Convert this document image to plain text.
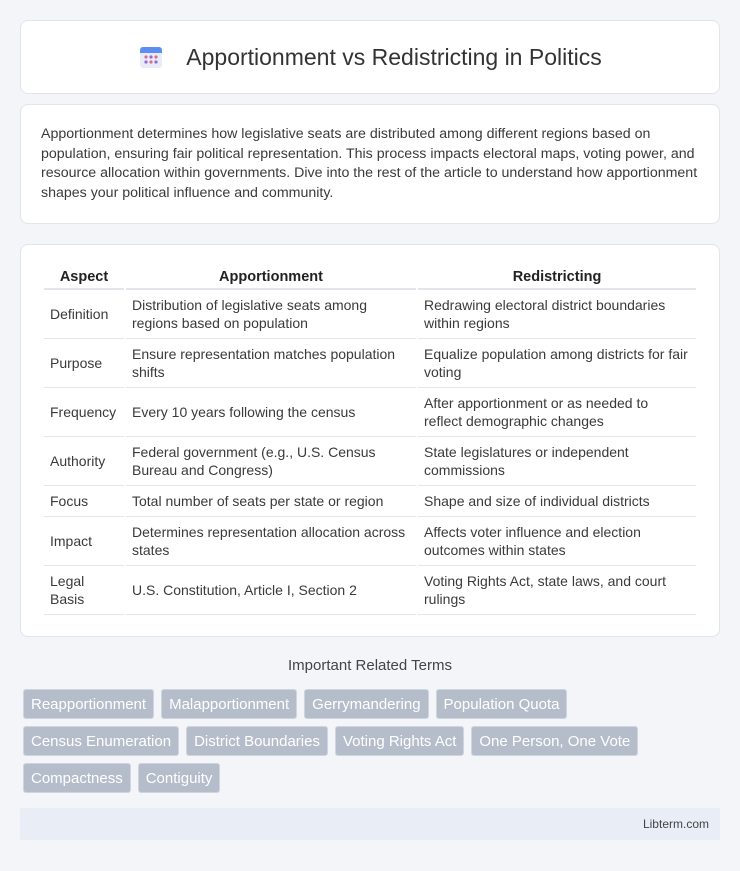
Apportionment vs Redistricting in Politics

Apportionment determines how legislative seats are distributed among different regions based on population, ensuring fair political representation. This process impacts electoral maps, voting power, and resource allocation within governments. Dive into the rest of the article to understand how apportionment shapes your political influence and community.

Aspect	Apportionment	Redistricting
Definition	Distribution of legislative seats among regions based on population	Redrawing electoral district boundaries within regions
Purpose	Ensure representation matches population shifts	Equalize population among districts for fair voting
Frequency	Every 10 years following the census	After apportionment or as needed to reflect demographic changes
Authority	Federal government (e.g., U.S. Census Bureau and Congress)	State legislatures or independent commissions
Focus	Total number of seats per state or region	Shape and size of individual districts
Impact	Determines representation allocation across states	Affects voter influence and election outcomes within states
Legal Basis	U.S. Constitution, Article I, Section 2	Voting Rights Act, state laws, and court rulings
Important Related Terms
Reapportionment	Malapportionment	Gerrymandering	Population Quota
Census Enumeration	District Boundaries	Voting Rights Act	One Person, One Vote
Compactness	Contiguity
Libterm.com
